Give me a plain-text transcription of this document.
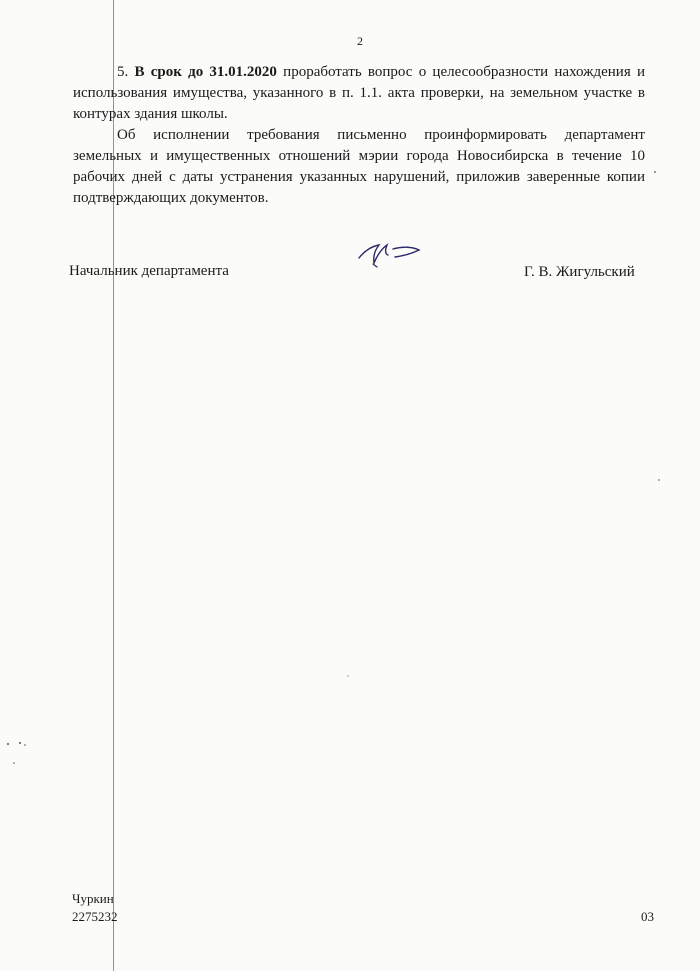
2

5. В срок до 31.01.2020 проработать вопрос о целесообразности нахождения и использования имущества, указанного в п. 1.1. акта проверки, на земельном участке в контурах здания школы.

Об исполнении требования письменно проинформировать департамент земельных и имущественных отношений мэрии города Новосибирска в течение 10 рабочих дней с даты устранения указанных нарушений, приложив заверенные копии подтверждающих документов.

Начальник департамента	Г. В. Жигульский
Чуркин
2275232	03
